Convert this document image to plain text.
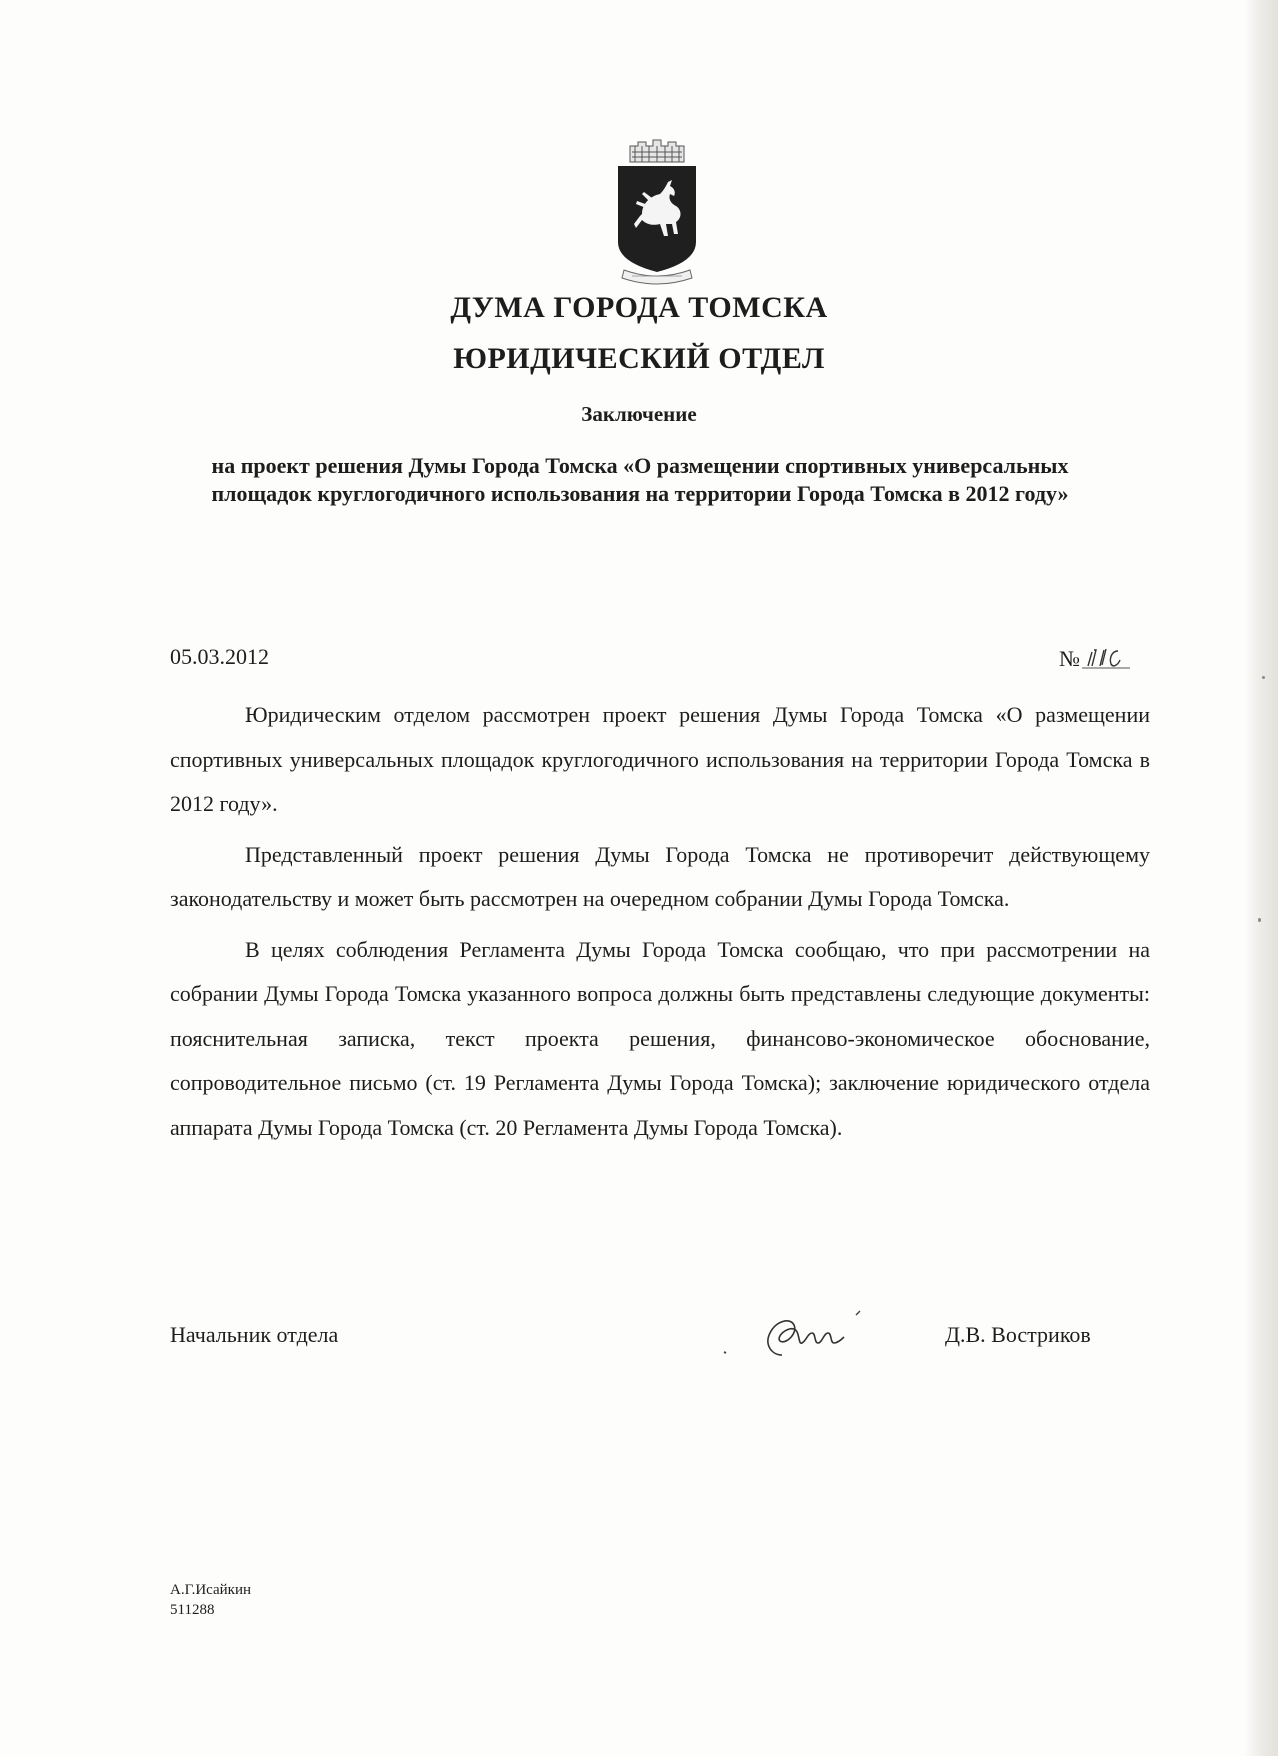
ДУМА ГОРОДА ТОМСКА
ЮРИДИЧЕСКИЙ ОТДЕЛ
Заключение
на проект решения Думы Города Томска «О размещении спортивных универсальных площадок круглогодичного использования на территории Города Томска в 2012 году»
05.03.2012	№

Юридическим отделом рассмотрен проект решения Думы Города Томска «О размещении спортивных универсальных площадок круглогодичного использования на территории Города Томска в 2012 году».

Представленный проект решения Думы Города Томска не противоречит действующему законодательству и может быть рассмотрен на очередном собрании Думы Города Томска.

В целях соблюдения Регламента Думы Города Томска сообщаю, что при рассмотрении на собрании Думы Города Томска указанного вопроса должны быть представлены следующие документы: пояснительная записка, текст проекта решения, финансово-экономическое обоснование, сопроводительное письмо (ст. 19 Регламента Думы Города Томска); заключение юридического отдела аппарата Думы Города Томска (ст. 20 Регламента Думы Города Томска).

Начальник отдела	Д.В. Востриков
А.Г.Исайкин
511288
